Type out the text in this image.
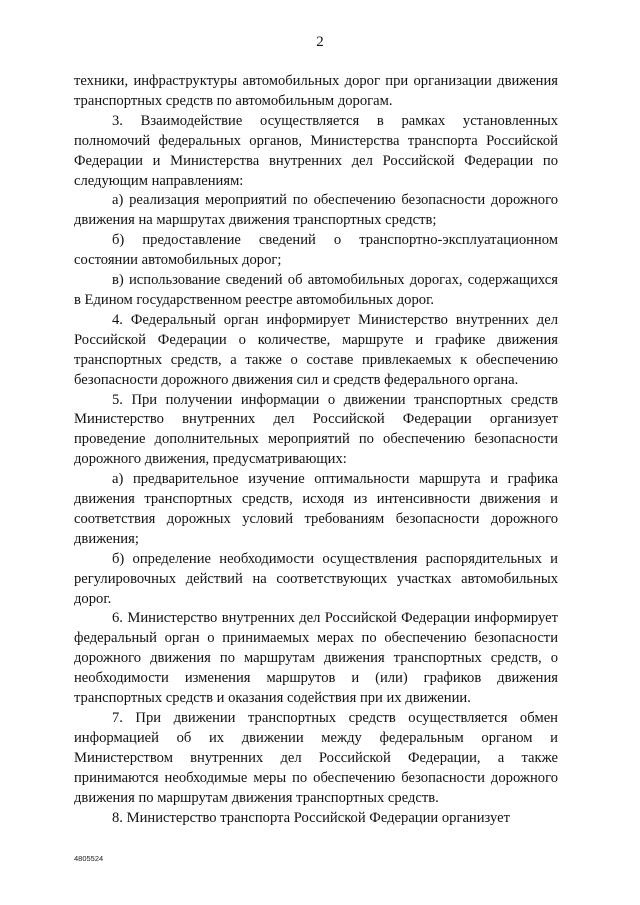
2

техники, инфраструктуры автомобильных дорог при организации движения транспортных средств по автомобильным дорогам.

3. Взаимодействие осуществляется в рамках установленных полномочий федеральных органов, Министерства транспорта Российской Федерации и Министерства внутренних дел Российской Федерации по следующим направлениям:

а) реализация мероприятий по обеспечению безопасности дорожного движения на маршрутах движения транспортных средств;

б) предоставление сведений о транспортно-эксплуатационном состоянии автомобильных дорог;

в) использование сведений об автомобильных дорогах, содержащихся в Едином государственном реестре автомобильных дорог.

4. Федеральный орган информирует Министерство внутренних дел Российской Федерации о количестве, маршруте и графике движения транспортных средств, а также о составе привлекаемых к обеспечению безопасности дорожного движения сил и средств федерального органа.

5. При получении информации о движении транспортных средств Министерство внутренних дел Российской Федерации организует проведение дополнительных мероприятий по обеспечению безопасности дорожного движения, предусматривающих:

а) предварительное изучение оптимальности маршрута и графика движения транспортных средств, исходя из интенсивности движения и соответствия дорожных условий требованиям безопасности дорожного движения;

б) определение необходимости осуществления распорядительных и регулировочных действий на соответствующих участках автомобильных дорог.

6. Министерство внутренних дел Российской Федерации информирует федеральный орган о принимаемых мерах по обеспечению безопасности дорожного движения по маршрутам движения транспортных средств, о необходимости изменения маршрутов и (или) графиков движения транспортных средств и оказания содействия при их движении.

7. При движении транспортных средств осуществляется обмен информацией об их движении между федеральным органом и Министерством внутренних дел Российской Федерации, а также принимаются необходимые меры по обеспечению безопасности дорожного движения по маршрутам движения транспортных средств.

8. Министерство транспорта Российской Федерации организует

4805524
